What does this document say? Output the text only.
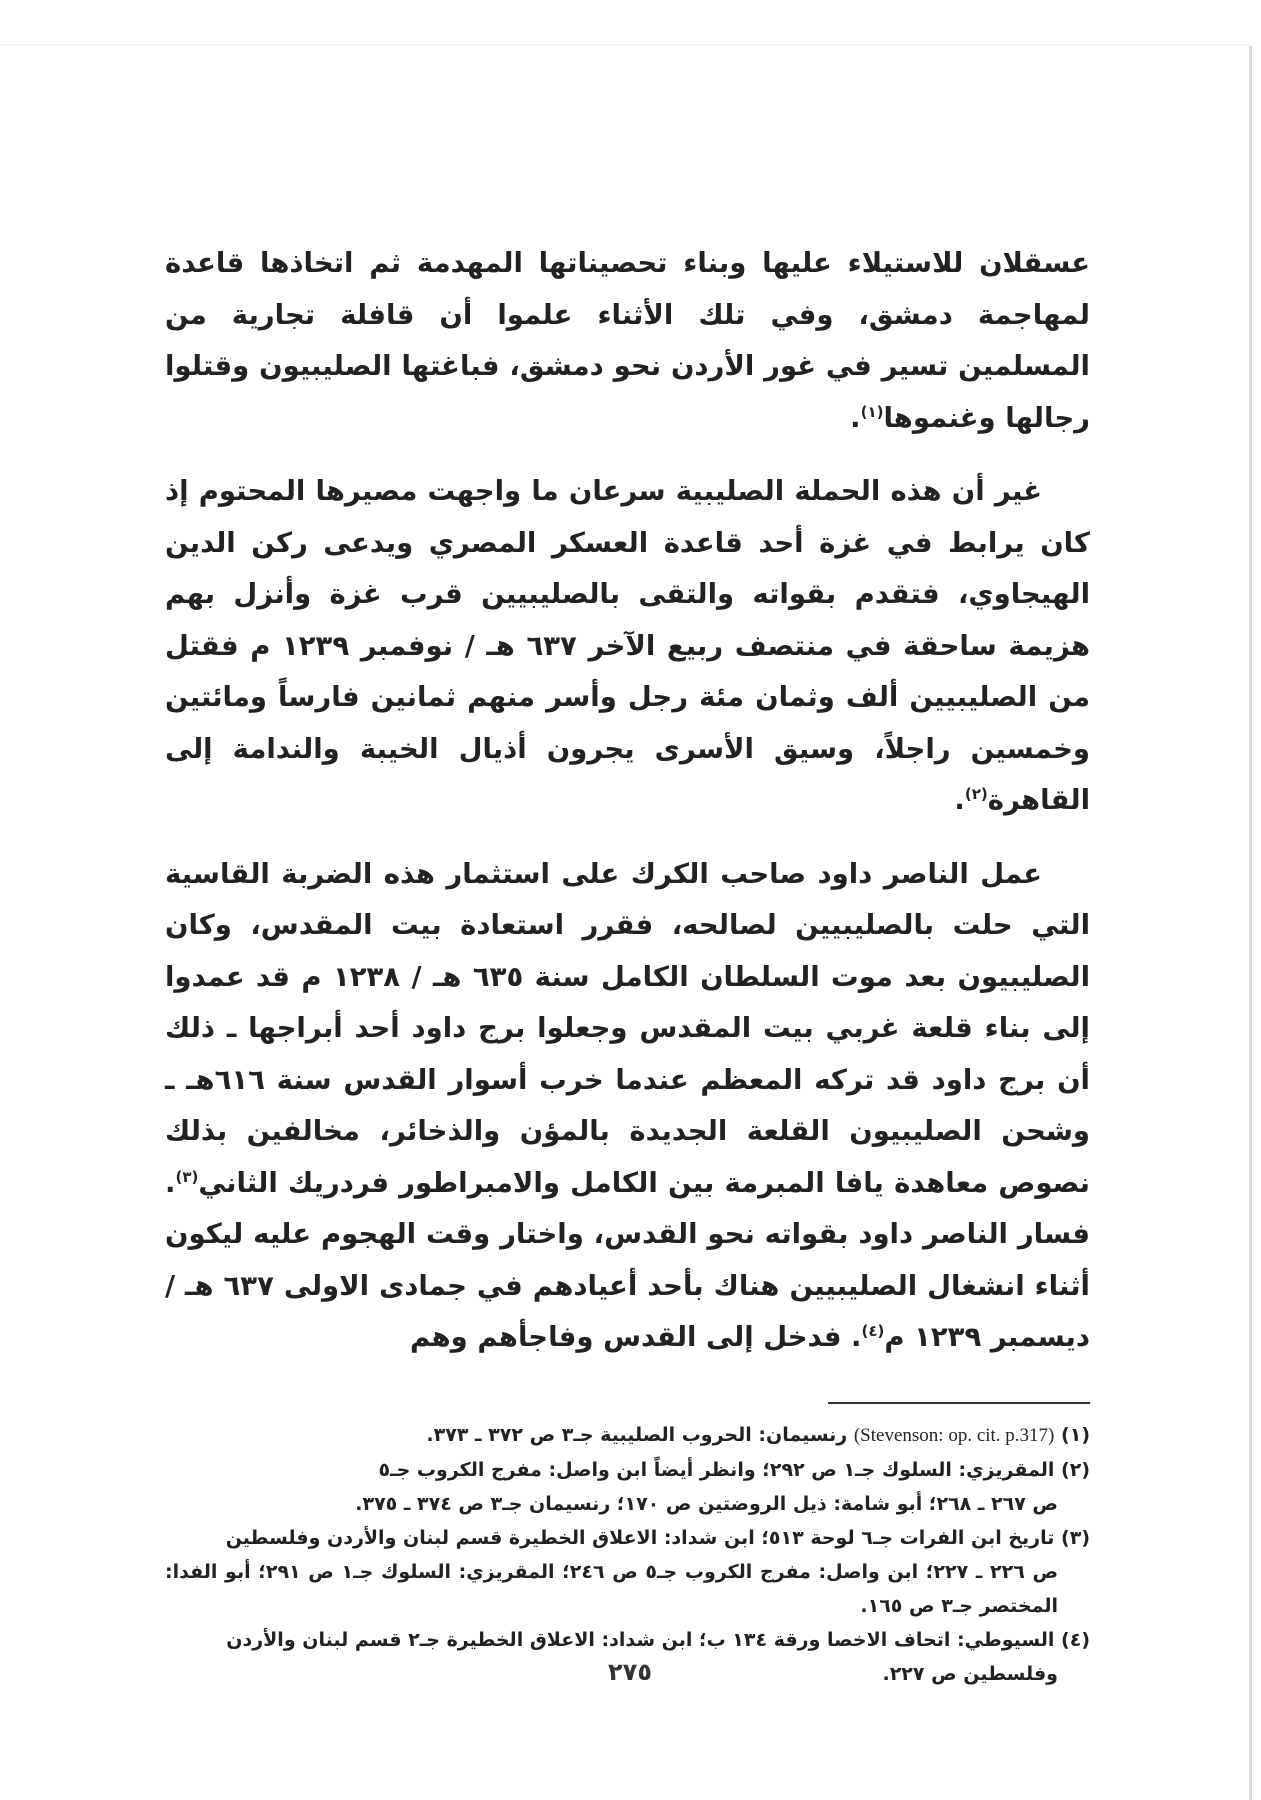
عسقلان للاستيلاء عليها وبناء تحصيناتها المهدمة ثم اتخاذها قاعدة لمهاجمة دمشق، وفي تلك الأثناء علموا أن قافلة تجارية من المسلمين تسير في غور الأردن نحو دمشق، فباغتها الصليبيون وقتلوا رجالها وغنموها$^{(١)}$.

غير أن هذه الحملة الصليبية سرعان ما واجهت مصيرها المحتوم إذ كان يرابط في غزة أحد قاعدة العسكر المصري ويدعى ركن الدين الهيجاوي، فتقدم بقواته والتقى بالصليبيين قرب غزة وأنزل بهم هزيمة ساحقة في منتصف ربيع الآخر ٦٣٧ هـ / نوفمبر ١٢٣٩ م فقتل من الصليبيين ألف وثمان مئة رجل وأسر منهم ثمانين فارساً ومائتين وخمسين راجلاً، وسيق الأسرى يجرون أذيال الخيبة والندامة إلى القاهرة$^{(٢)}$.

عمل الناصر داود صاحب الكرك على استثمار هذه الضربة القاسية التي حلت بالصليبيين لصالحه، فقرر استعادة بيت المقدس، وكان الصليبيون بعد موت السلطان الكامل سنة ٦٣٥ هـ / ١٢٣٨ م قد عمدوا إلى بناء قلعة غربي بيت المقدس وجعلوا برج داود أحد أبراجها ـ ذلك أن برج داود قد تركه المعظم عندما خرب أسوار القدس سنة ٦١٦هـ ـ وشحن الصليبيون القلعة الجديدة بالمؤن والذخائر، مخالفين بذلك نصوص معاهدة يافا المبرمة بين الكامل والامبراطور فردريك الثاني$^{(٣)}$. فسار الناصر داود بقواته نحو القدس، واختار وقت الهجوم عليه ليكون أثناء انشغال الصليبيين هناك بأحد أعيادهم في جمادى الاولى ٦٣٧ هـ / ديسمبر ١٢٣٩ م$^{(٤)}$. فدخل إلى القدس وفاجأهم وهم

(١) (Stevenson: op. cit. p.317) رنسيمان: الحروب الصليبية جـ٣ ص ٣٧٢ ـ ٣٧٣.
(٢) المقريزي: السلوك جـ١ ص ٢٩٢؛ وانظر أيضاً ابن واصل: مفرج الكروب جـ٥
ص ٢٦٧ ـ ٢٦٨؛ أبو شامة: ذيل الروضتين ص ١٧٠؛ رنسيمان جـ٣ ص ٣٧٤ ـ ٣٧٥.
(٣) تاريخ ابن الفرات جـ٦ لوحة ٥١٣؛ ابن شداد: الاعلاق الخطيرة قسم لبنان والأردن وفلسطين
ص ٢٢٦ ـ ٢٢٧؛ ابن واصل: مفرج الكروب جـ٥ ص ٢٤٦؛ المقريزي: السلوك جـ١ ص ٢٩١؛ أبو الفدا: المختصر جـ٣ ص ١٦٥.
(٤) السيوطي: اتحاف الاخصا ورقة ١٣٤ ب؛ ابن شداد: الاعلاق الخطيرة جـ٢ قسم لبنان والأردن
وفلسطين ص ٢٢٧.
٢٧٥
